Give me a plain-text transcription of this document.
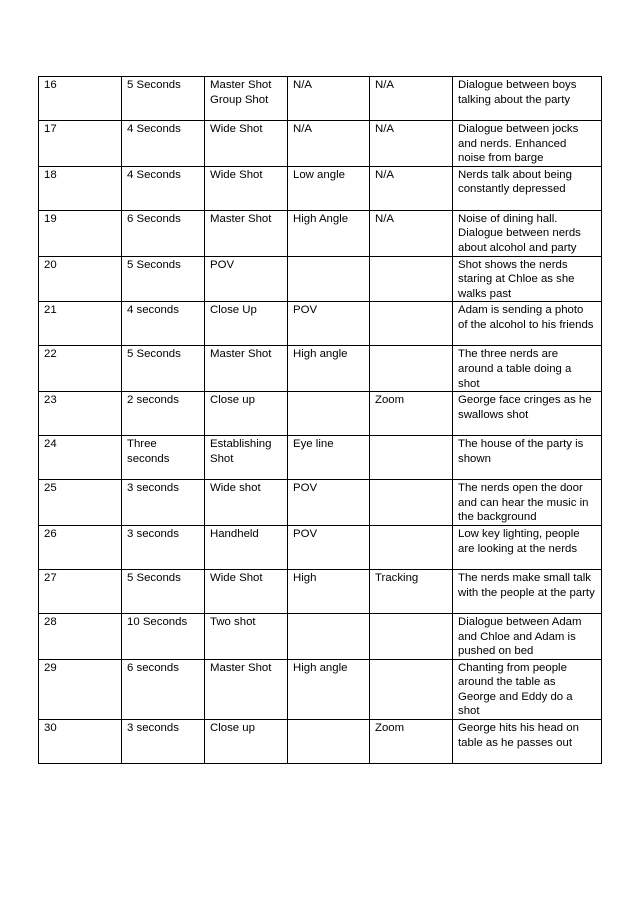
16	5 Seconds	Master Shot Group Shot	N/A	N/A	Dialogue between boys talking about the party
17	4 Seconds	Wide Shot	N/A	N/A	Dialogue between jocks and nerds. Enhanced noise from barge
18	4 Seconds	Wide Shot	Low angle	N/A	Nerds talk about being constantly depressed
19	6 Seconds	Master Shot	High Angle	N/A	Noise of dining hall. Dialogue between nerds about alcohol and party
20	5 Seconds	POV			Shot shows the nerds staring at Chloe as she walks past
21	4 seconds	Close Up	POV		Adam is sending a photo of the alcohol to his friends
22	5 Seconds	Master Shot	High angle		The three nerds are around a table doing a shot
23	2 seconds	Close up		Zoom	George face cringes as he swallows shot
24	Three seconds	Establishing Shot	Eye line		The house of the party is shown
25	3 seconds	Wide shot	POV		The nerds open the door and can hear the music in the background
26	3 seconds	Handheld	POV		Low key lighting, people are looking at the nerds
27	5 Seconds	Wide Shot	High	Tracking	The nerds make small talk with the people at the party
28	10 Seconds	Two shot			Dialogue between Adam and Chloe and Adam is pushed on bed
29	6 seconds	Master Shot	High angle		Chanting from people around the table as George and Eddy do a shot
30	3 seconds	Close up		Zoom	George hits his head on table as he passes out
